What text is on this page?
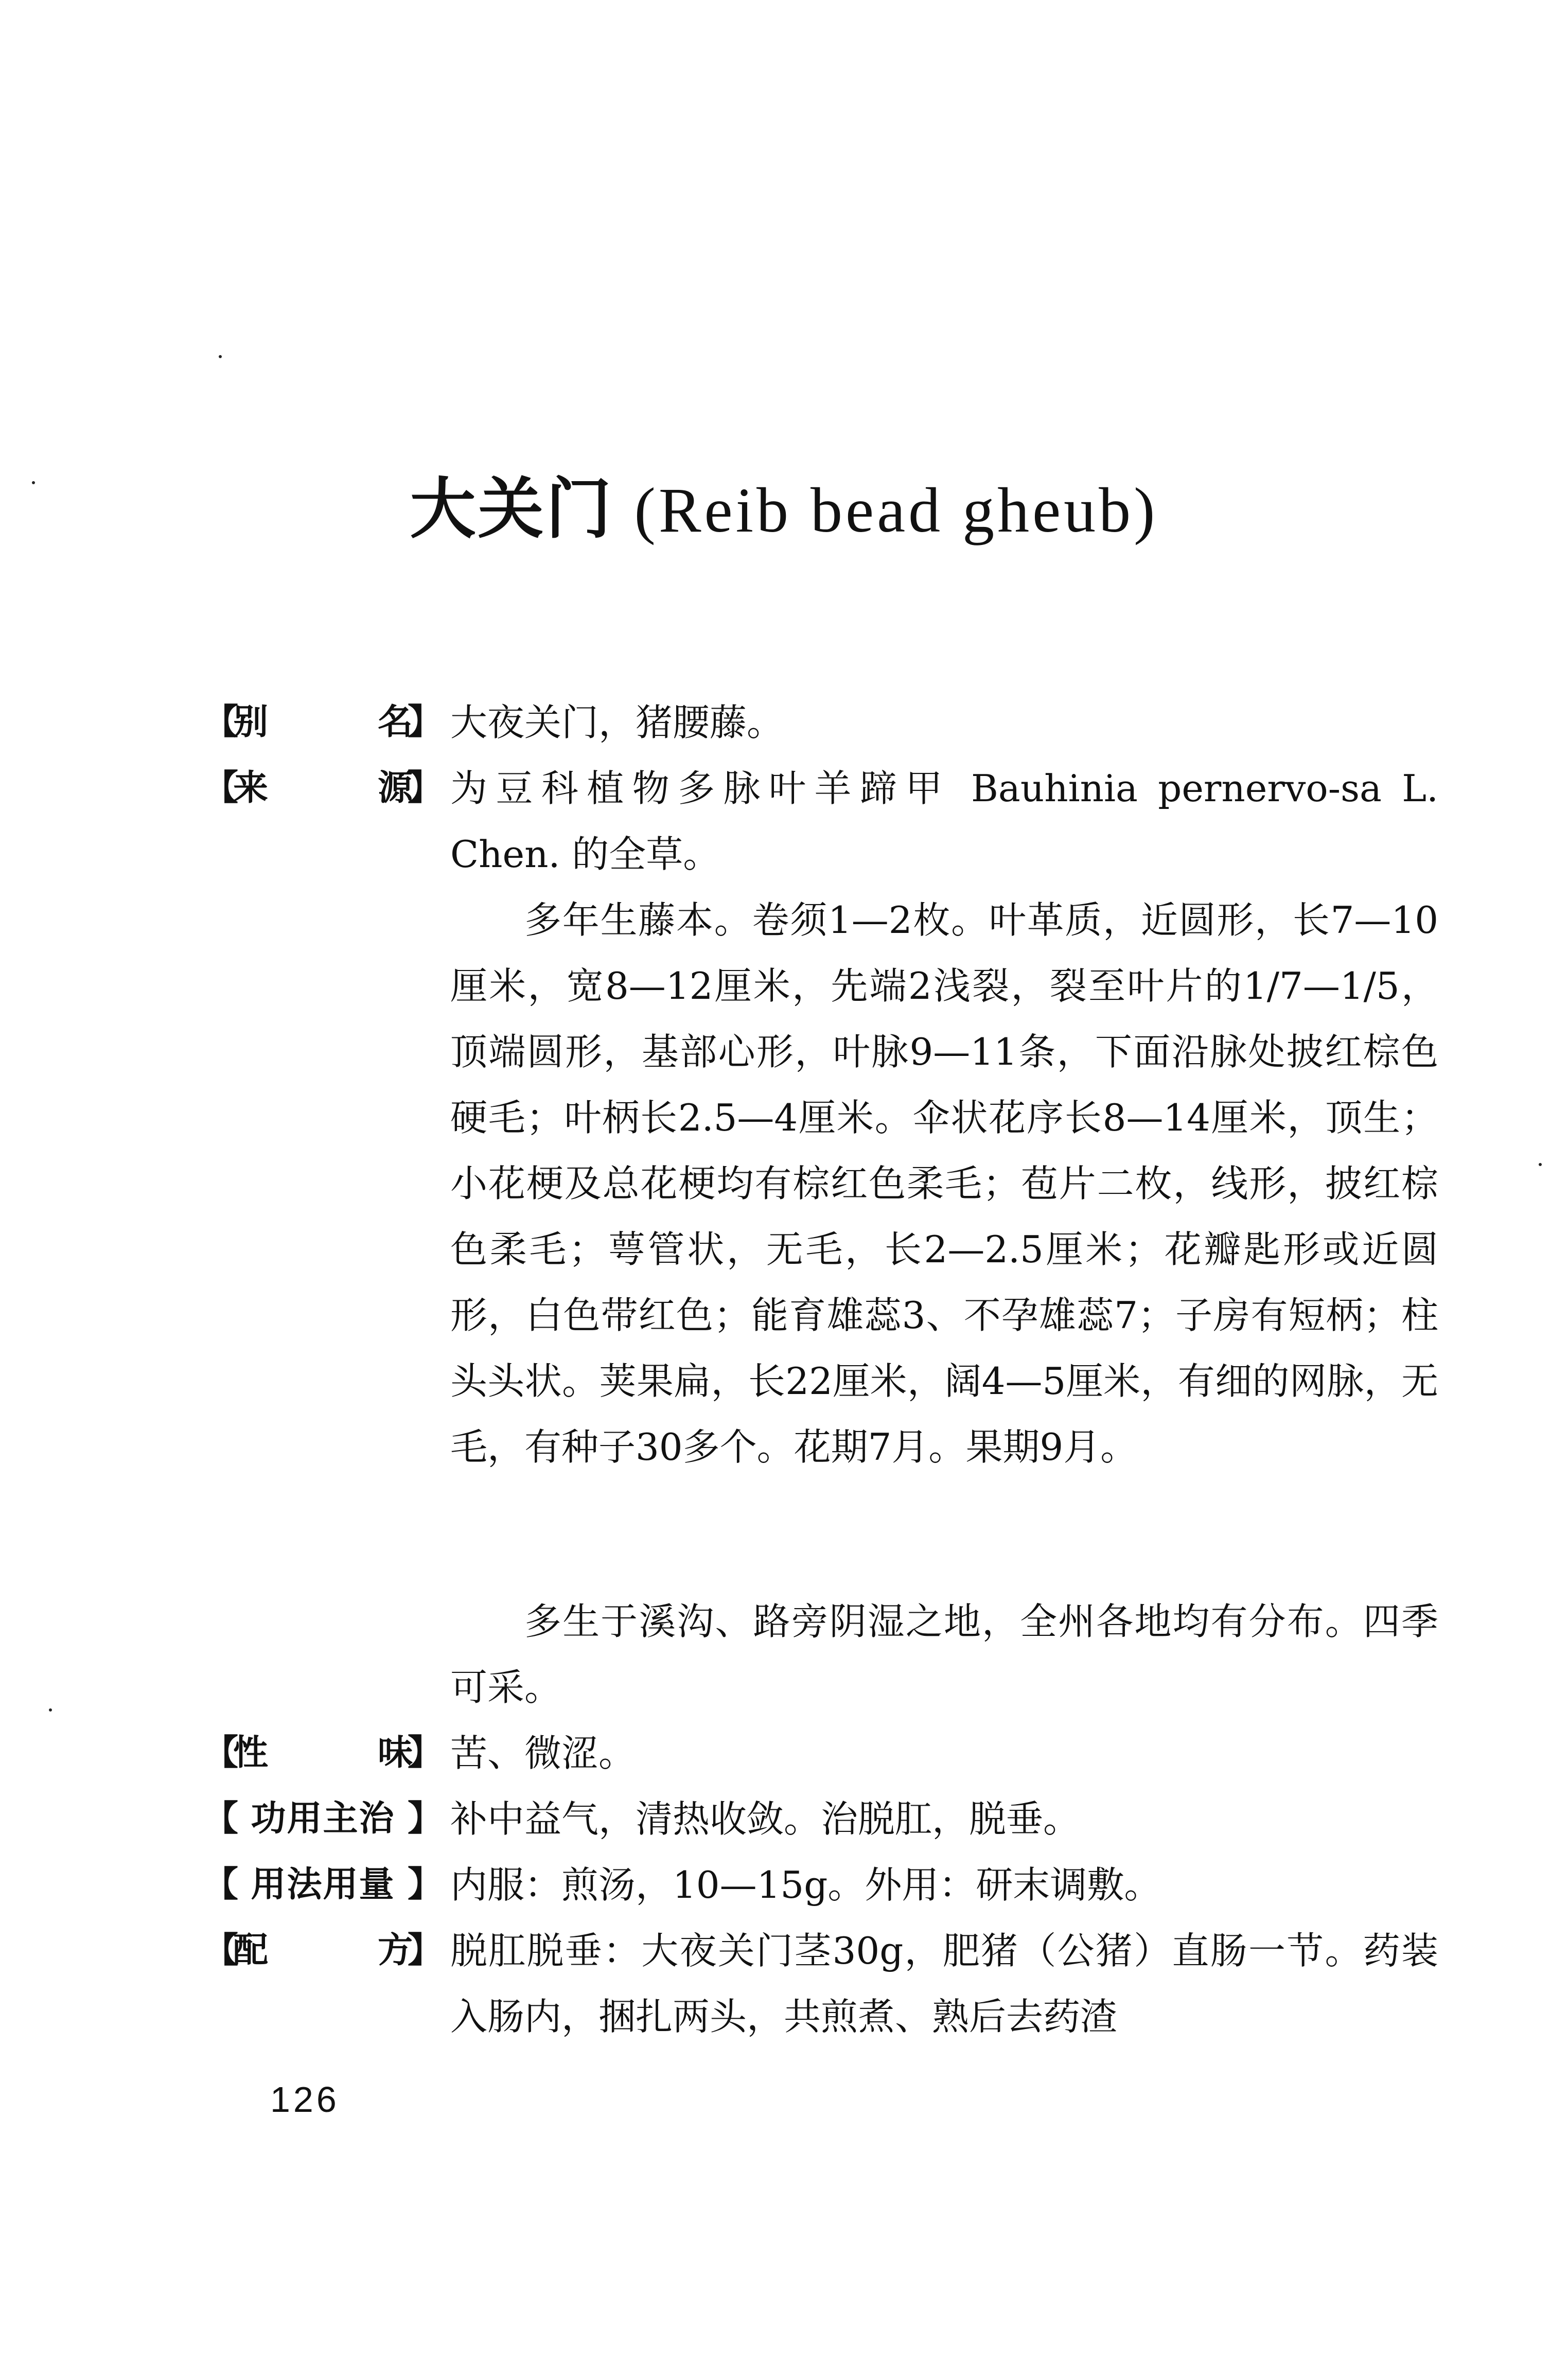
大关门 (Reib bead gheub)
【
别	名
】 大夜关门，猪腰藤。
【
来	源
】 为豆科植物多脉叶羊蹄甲 Bauhinia pernervo-sa L. Chen. 的全草。
多年生藤本。卷须1—2枚。叶革质，近圆形，长7—10厘米，宽8—12厘米，先端2浅裂，裂至叶片的1/7—1/5，顶端圆形，基部心形，叶脉9—11条，下面沿脉处披红棕色硬毛；叶柄长2.5—4厘米。伞状花序长8—14厘米，顶生；小花梗及总花梗均有棕红色柔毛；苞片二枚，线形，披红棕色柔毛；萼管状，无毛，长2—2.5厘米；花瓣匙形或近圆形，白色带红色；能育雄蕊3、不孕雄蕊7；子房有短柄；柱头头状。荚果扁，长22厘米，阔4—5厘米，有细的网脉，无毛，有种子30多个。花期7月。果期9月。
多生于溪沟、路旁阴湿之地，全州各地均有分布。四季可采。
【
性	味
】 苦、微涩。
【 功用主治 】 补中益气，清热收敛。治脱肛，脱垂。
【 用法用量 】 内服：煎汤，10—15g。外用：研末调敷。
【
配	方
】 脱肛脱垂：大夜关门茎30g，肥猪（公猪）直肠一节。药装入肠内，捆扎两头，共煎煮、熟后去药渣
126
